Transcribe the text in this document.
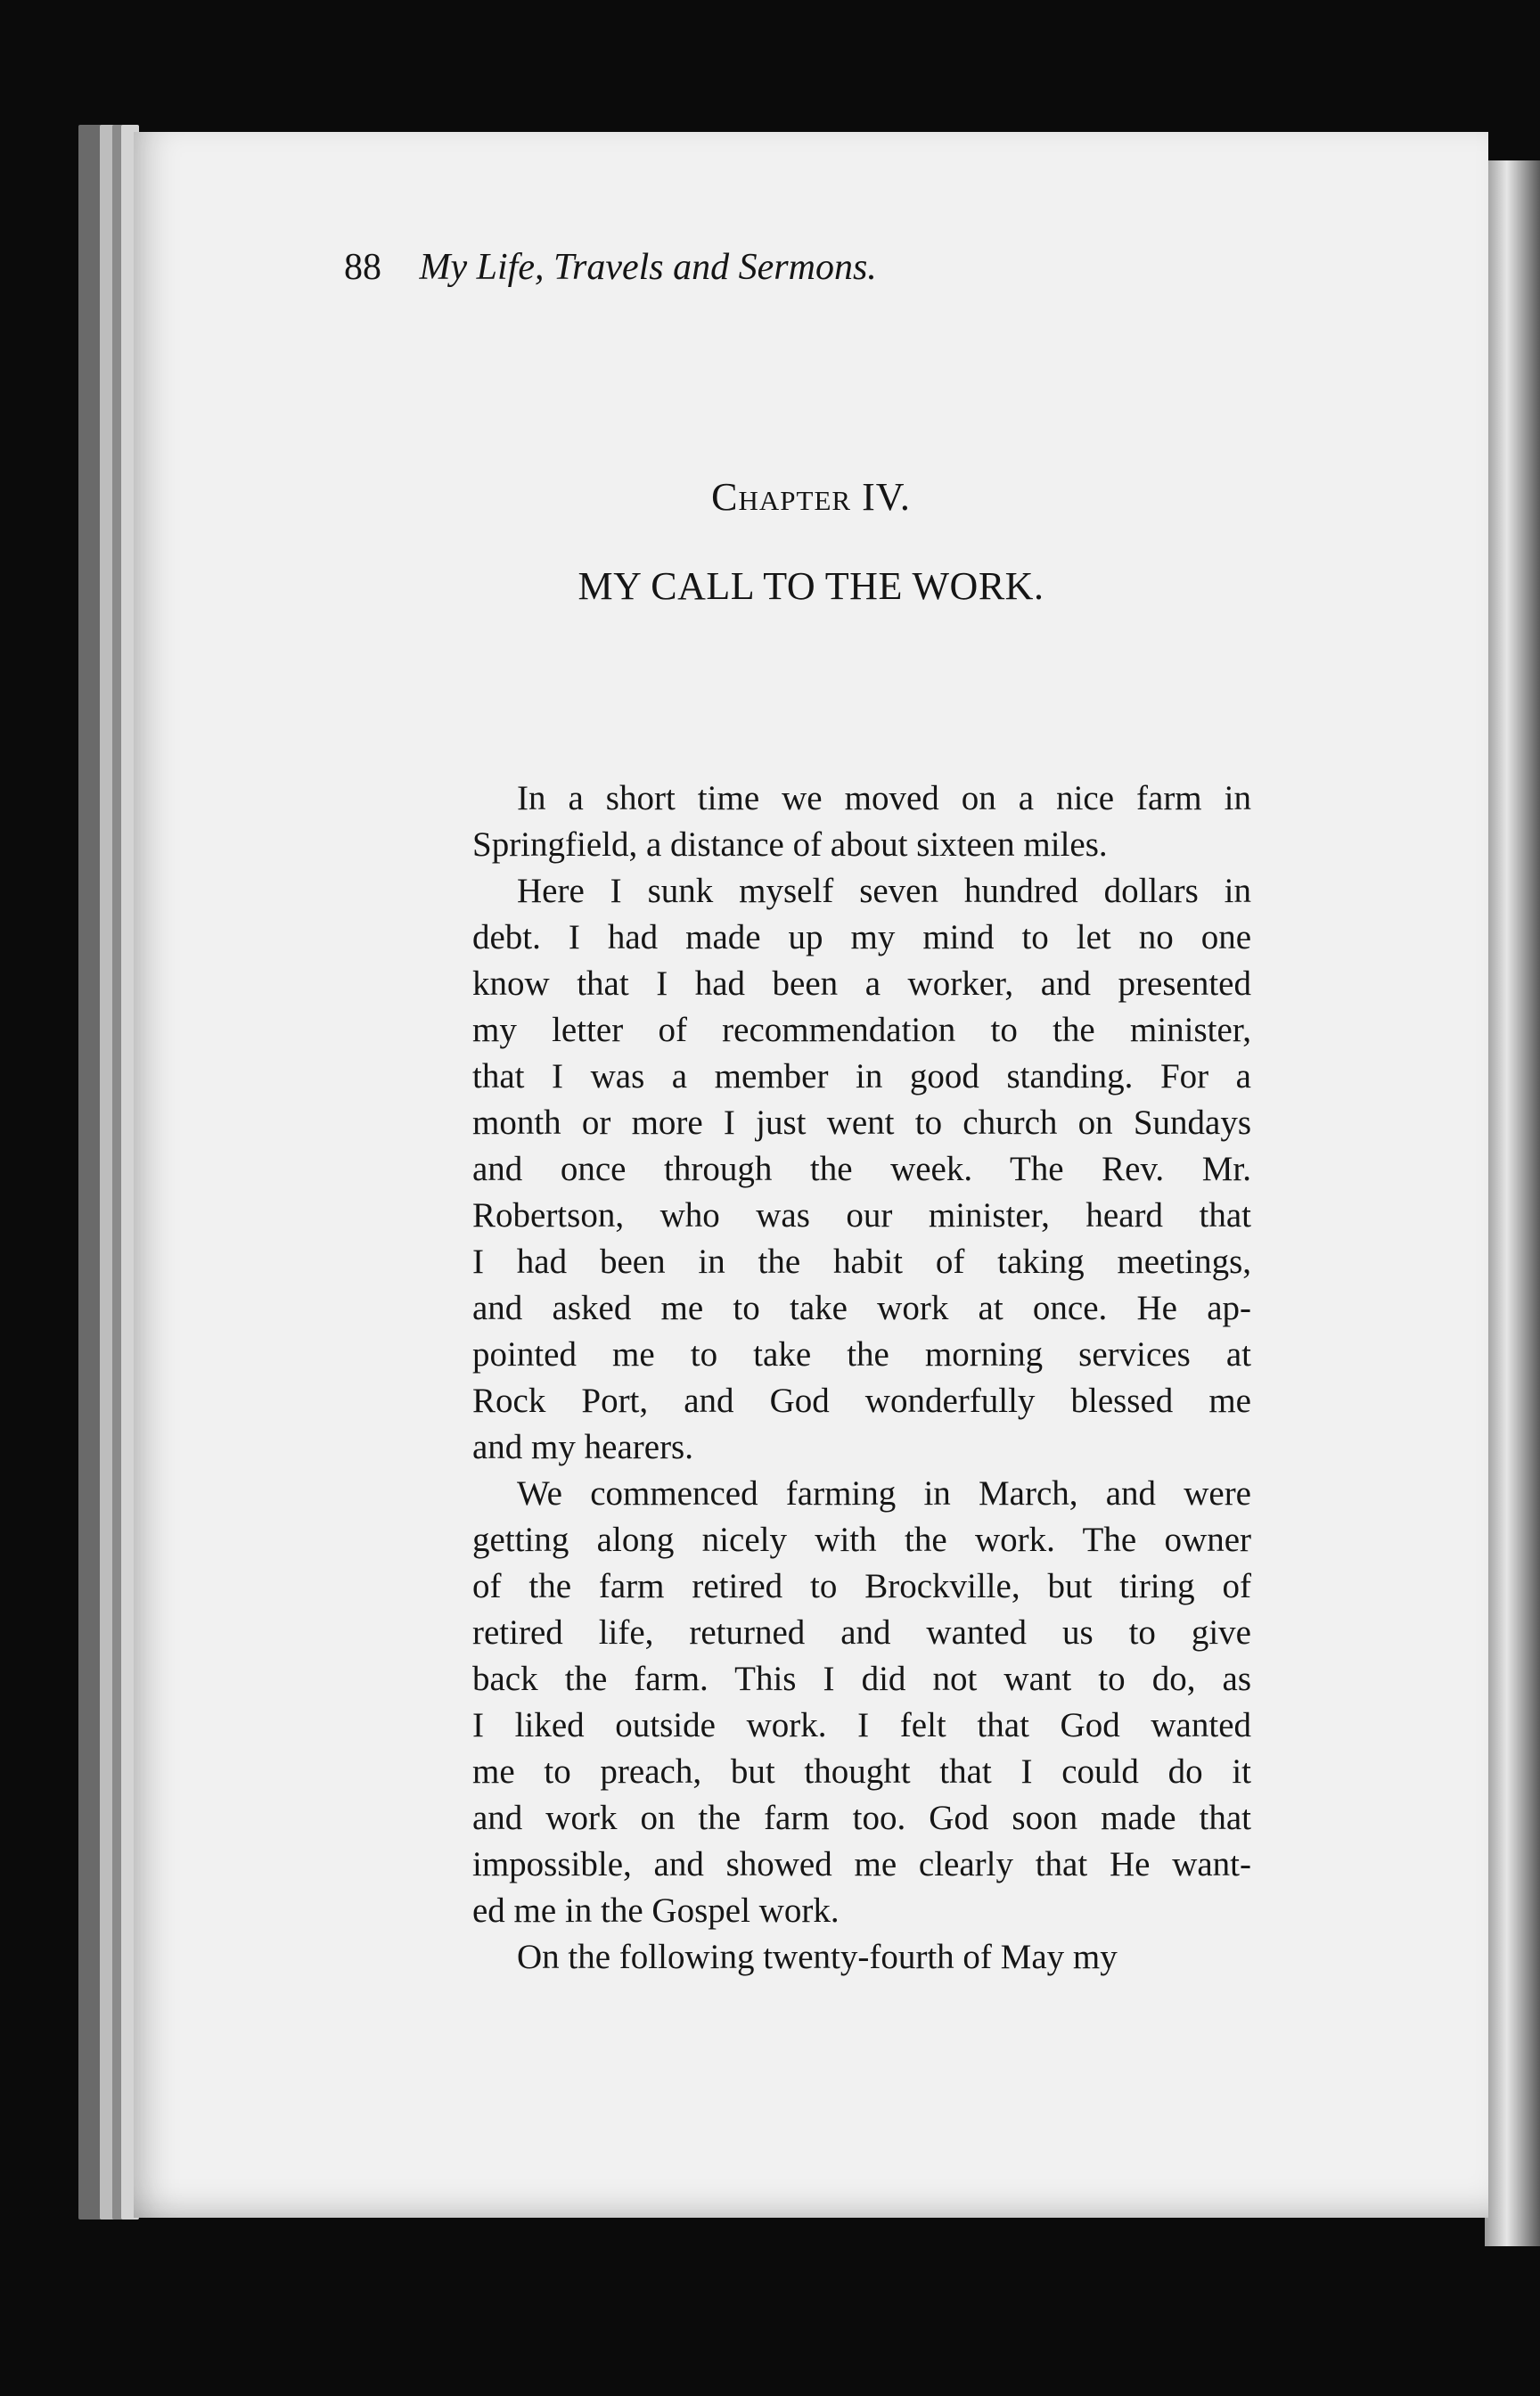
88 My Life, Travels and Sermons.
Chapter IV.
MY CALL TO THE WORK.
In a short time we moved on a nice farm in
Springfield, a distance of about sixteen miles.
Here I sunk myself seven hundred dollars in
debt. I had made up my mind to let no one
know that I had been a worker, and presented
my letter of recommendation to the minister,
that I was a member in good standing. For a
month or more I just went to church on Sundays
and once through the week. The Rev. Mr.
Robertson, who was our minister, heard that
I had been in the habit of taking meetings,
and asked me to take work at once. He ap-
pointed me to take the morning services at
Rock Port, and God wonderfully blessed me
and my hearers.
We commenced farming in March, and were
getting along nicely with the work. The owner
of the farm retired to Brockville, but tiring of
retired life, returned and wanted us to give
back the farm. This I did not want to do, as
I liked outside work. I felt that God wanted
me to preach, but thought that I could do it
and work on the farm too. God soon made that
impossible, and showed me clearly that He want-
ed me in the Gospel work.
On the following twenty-fourth of May my
